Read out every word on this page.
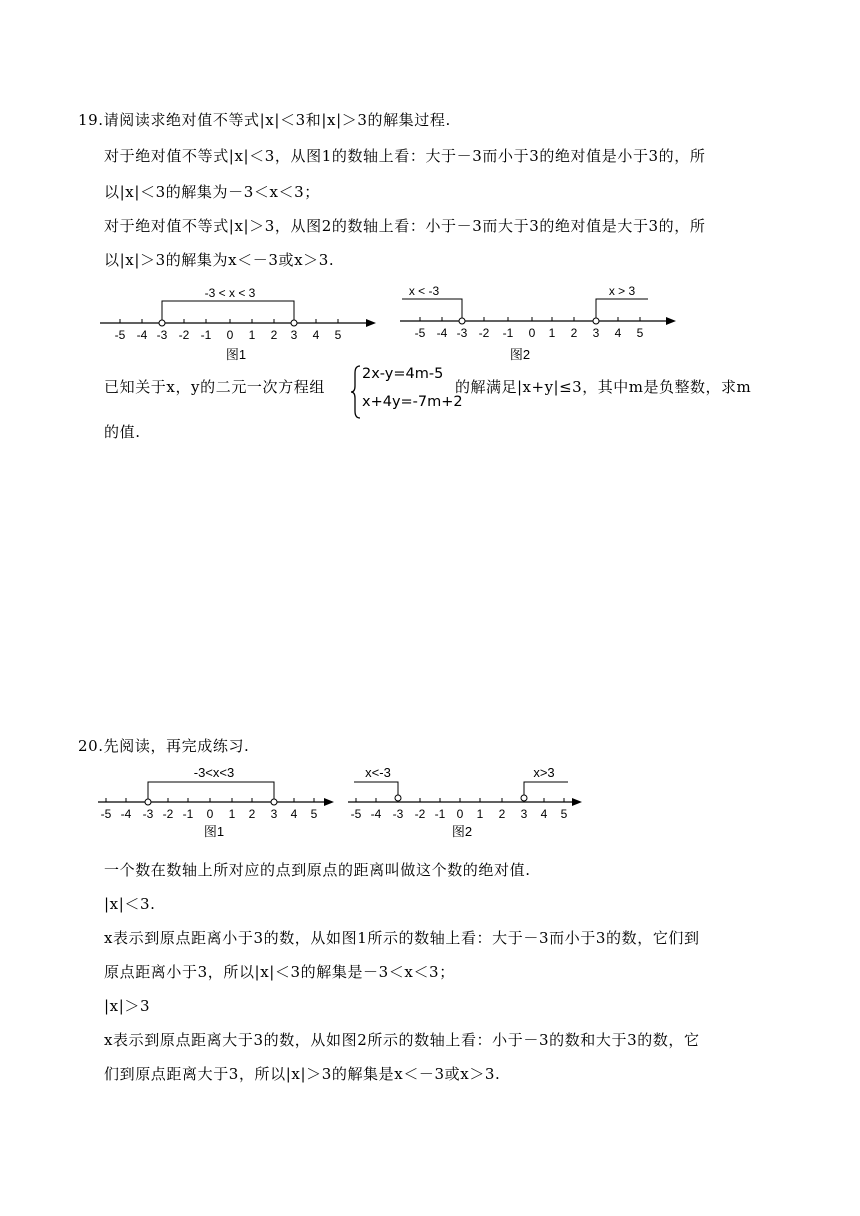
19.请阅读求绝对值不等式|x|＜3和|x|＞3的解集过程.
对于绝对值不等式|x|＜3，从图1的数轴上看：大于－3而小于3的绝对值是小于3的，所
以|x|＜3的解集为－3＜x＜3；
对于绝对值不等式|x|＞3，从图2的数轴上看：小于－3而大于3的绝对值是大于3的，所
以|x|＞3的解集为x＜－3或x＞3.
-3 < x < 3
-5 -4 -3 -2 -1 0 1 2 3 4 5
图1
x < -3	x > 3
-5 -4 -3 -2 -1 0 1 2 3 4 5
图2
已知关于x，y的二元一次方程组
2x-y=4m-5
x+4y=-7m+2
的解满足|x+y|≤3，其中m是负整数，求m
的值.
20.先阅读，再完成练习.
-3<x<3
-5 -4 -3 -2 -1 0 1 2 3 4 5
图1
x<-3	x>3
-5 -4 -3 -2 -1 0 1 2 3 4 5
图2
一个数在数轴上所对应的点到原点的距离叫做这个数的绝对值.
|x|＜3.
x表示到原点距离小于3的数，从如图1所示的数轴上看：大于－3而小于3的数，它们到
原点距离小于3，所以|x|＜3的解集是－3＜x＜3；
|x|＞3
x表示到原点距离大于3的数，从如图2所示的数轴上看：小于－3的数和大于3的数，它
们到原点距离大于3，所以|x|＞3的解集是x＜－3或x＞3.
